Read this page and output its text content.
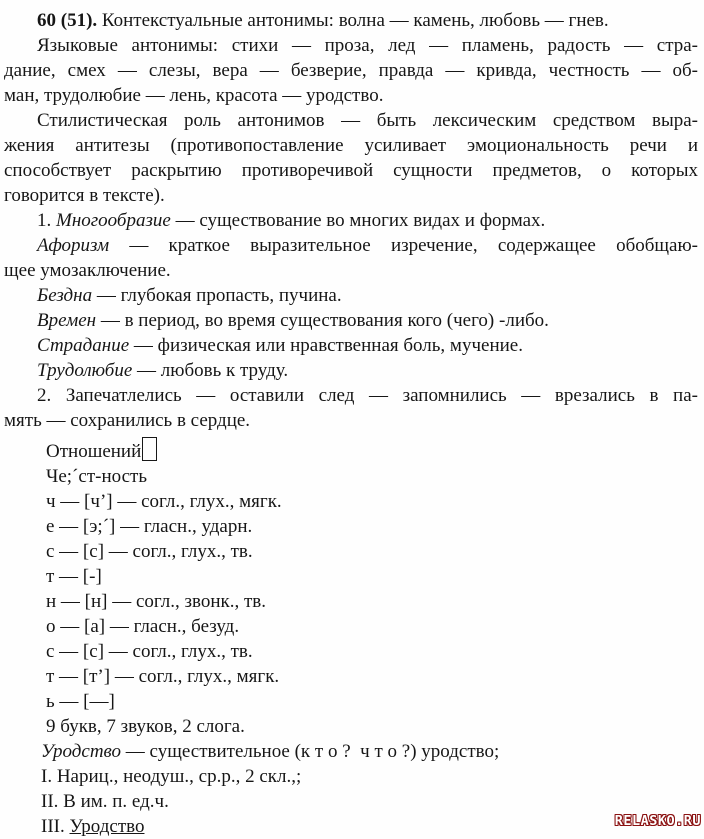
60 (51). Контекстуальные антонимы: волна — камень, любовь — гнев.
Языковые антонимы: стихи — проза, лед — пламень, радость — стра-
дание, смех — слезы, вера — безверие, правда — кривда, честность — об-
ман, трудолюбие — лень, красота — уродство.
Стилистическая роль антонимов — быть лексическим средством выра-
жения антитезы (противопоставление усиливает эмоциональность речи и
способствует раскрытию противоречивой сущности предметов, о которых
говорится в тексте).
1. Многообразие — существование во многих видах и формах.
Афоризм — краткое выразительное изречение, содержащее обобщаю-
щее умозаключение.
Бездна — глубокая пропасть, пучина.
Времен — в период, во время существования кого (чего) -либо.
Страдание — физическая или нравственная боль, мучение.
Трудолюбие — любовь к труду.
2. Запечатлелись — оставили след — запомнились — врезались в па-
мять — сохранились в сердце.
Отношений
Че;´ст-ность
ч — [ч’] — согл., глух., мягк.
е — [э;´] — гласн., ударн.
с — [с] — согл., глух., тв.
т — [-]
н — [н] — согл., звонк., тв.
о — [а] — гласн., безуд.
с — [с] — согл., глух., тв.
т — [т’] — согл., глух., мягк.
ь — [—]
9 букв, 7 звуков, 2 слога.
Уродство — существительное (к т о ?  ч т о ?) уродство;
I. Нариц., неодуш., ср.р., 2 скл.,;
II. В им. п. ед.ч.
III. Уродство	RELASKO.RU
